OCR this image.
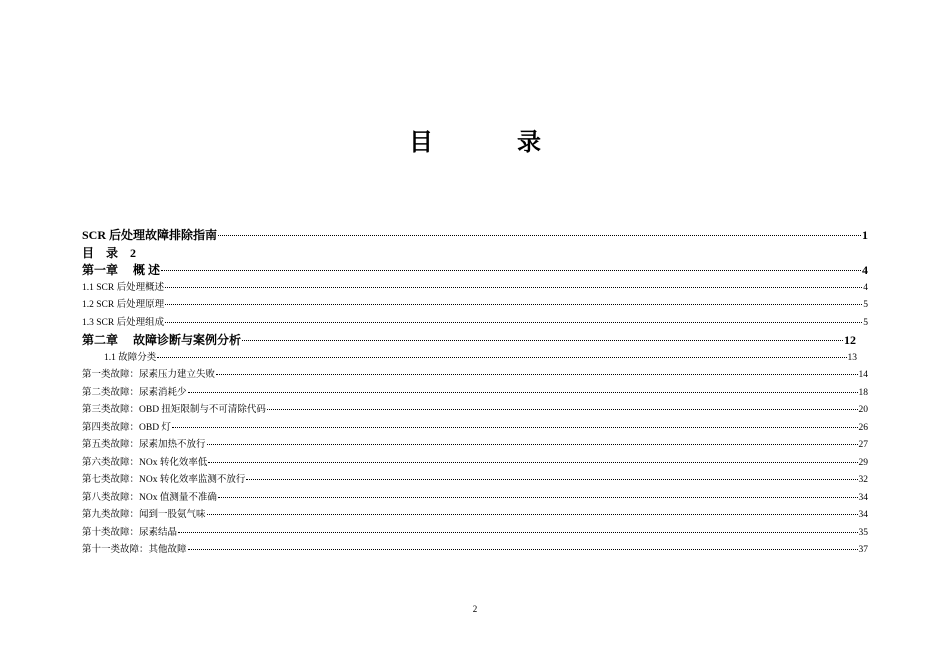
目　录
SCR 后处理故障排除指南	1
目　录　2
第一章　 概 述	4
1.1 SCR 后处理概述	4
1.2 SCR 后处理原理	5
1.3 SCR 后处理组成	5
第二章　 故障诊断与案例分析	12
1.1 故障分类	13
第一类故障：尿素压力建立失败	14
第二类故障：尿素消耗少	18
第三类故障：OBD 扭矩限制与不可清除代码	20
第四类故障：OBD 灯	26
第五类故障：尿素加热不放行	27
第六类故障：NOx 转化效率低	29
第七类故障：NOx 转化效率监测不放行	32
第八类故障：NOx 值测量不准确	34
第九类故障：闻到一股氨气味	34
第十类故障：尿素结晶	35
第十一类故障：其他故障	37
2
